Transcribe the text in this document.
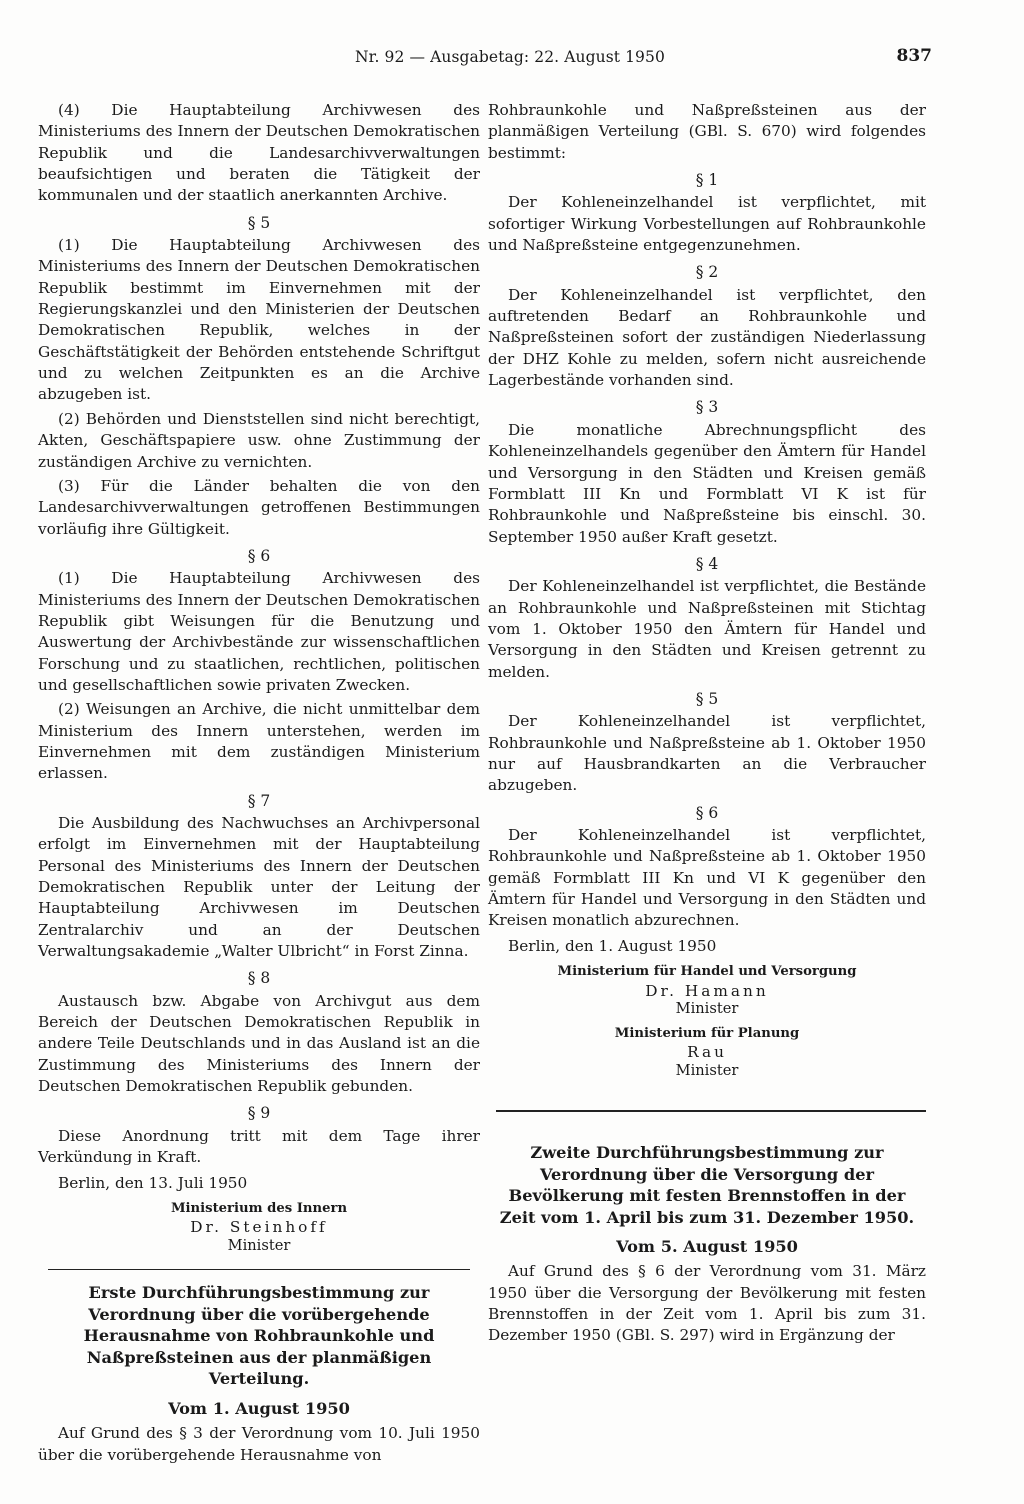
Nr. 92 — Ausgabetag: 22. August 1950	837

(4) Die Hauptabteilung Archivwesen des Ministeriums des Innern der Deutschen Demokratischen Republik und die Landesarchivverwaltungen beaufsichtigen und beraten die Tätigkeit der kommunalen und der staatlich anerkannten Archive.

§ 5

(1) Die Hauptabteilung Archivwesen des Ministeriums des Innern der Deutschen Demokratischen Republik bestimmt im Einvernehmen mit der Regierungskanzlei und den Ministerien der Deutschen Demokratischen Republik, welches in der Geschäftstätigkeit der Behörden entstehende Schriftgut und zu welchen Zeitpunkten es an die Archive abzugeben ist.

(2) Behörden und Dienststellen sind nicht berechtigt, Akten, Geschäftspapiere usw. ohne Zustimmung der zuständigen Archive zu vernichten.

(3) Für die Länder behalten die von den Landesarchivverwaltungen getroffenen Bestimmungen vorläufig ihre Gültigkeit.

§ 6

(1) Die Hauptabteilung Archivwesen des Ministeriums des Innern der Deutschen Demokratischen Republik gibt Weisungen für die Benutzung und Auswertung der Archivbestände zur wissenschaftlichen Forschung und zu staatlichen, rechtlichen, politischen und gesellschaftlichen sowie privaten Zwecken.

(2) Weisungen an Archive, die nicht unmittelbar dem Ministerium des Innern unterstehen, werden im Einvernehmen mit dem zuständigen Ministerium erlassen.

§ 7

Die Ausbildung des Nachwuchses an Archivpersonal erfolgt im Einvernehmen mit der Hauptabteilung Personal des Ministeriums des Innern der Deutschen Demokratischen Republik unter der Leitung der Hauptabteilung Archivwesen im Deutschen Zentralarchiv und an der Deutschen Verwaltungsakademie „Walter Ulbricht“ in Forst Zinna.

§ 8

Austausch bzw. Abgabe von Archivgut aus dem Bereich der Deutschen Demokratischen Republik in andere Teile Deutschlands und in das Ausland ist an die Zustimmung des Ministeriums des Innern der Deutschen Demokratischen Republik gebunden.

§ 9

Diese Anordnung tritt mit dem Tage ihrer Verkündung in Kraft.

Berlin, den 13. Juli 1950

Ministerium des Innern
Dr. Steinhoff
Minister
Erste Durchführungsbestimmung zur Verordnung über die vorübergehende Herausnahme von Rohbraunkohle und Naßpreßsteinen aus der planmäßigen Verteilung.
Vom 1. August 1950

Auf Grund des § 3 der Verordnung vom 10. Juli 1950 über die vorübergehende Herausnahme von

Rohbraunkohle und Naßpreßsteinen aus der planmäßigen Verteilung (GBl. S. 670) wird folgendes bestimmt:

§ 1

Der Kohleneinzelhandel ist verpflichtet, mit sofortiger Wirkung Vorbestellungen auf Rohbraunkohle und Naßpreßsteine entgegenzunehmen.

§ 2

Der Kohleneinzelhandel ist verpflichtet, den auftretenden Bedarf an Rohbraunkohle und Naßpreßsteinen sofort der zuständigen Niederlassung der DHZ Kohle zu melden, sofern nicht ausreichende Lagerbestände vorhanden sind.

§ 3

Die monatliche Abrechnungspflicht des Kohleneinzelhandels gegenüber den Ämtern für Handel und Versorgung in den Städten und Kreisen gemäß Formblatt III Kn und Formblatt VI K ist für Rohbraunkohle und Naßpreßsteine bis einschl. 30. September 1950 außer Kraft gesetzt.

§ 4

Der Kohleneinzelhandel ist verpflichtet, die Bestände an Rohbraunkohle und Naßpreßsteinen mit Stichtag vom 1. Oktober 1950 den Ämtern für Handel und Versorgung in den Städten und Kreisen getrennt zu melden.

§ 5

Der Kohleneinzelhandel ist verpflichtet, Rohbraunkohle und Naßpreßsteine ab 1. Oktober 1950 nur auf Hausbrandkarten an die Verbraucher abzugeben.

§ 6

Der Kohleneinzelhandel ist verpflichtet, Rohbraunkohle und Naßpreßsteine ab 1. Oktober 1950 gemäß Formblatt III Kn und VI K gegenüber den Ämtern für Handel und Versorgung in den Städten und Kreisen monatlich abzurechnen.

Berlin, den 1. August 1950

Ministerium für Handel und Versorgung
Dr. Hamann
Minister
Ministerium für Planung
Rau
Minister
Zweite Durchführungsbestimmung zur Verordnung über die Versorgung der Bevölkerung mit festen Brennstoffen in der Zeit vom 1. April bis zum 31. Dezember 1950.
Vom 5. August 1950

Auf Grund des § 6 der Verordnung vom 31. März 1950 über die Versorgung der Bevölkerung mit festen Brennstoffen in der Zeit vom 1. April bis zum 31. Dezember 1950 (GBl. S. 297) wird in Ergänzung der
